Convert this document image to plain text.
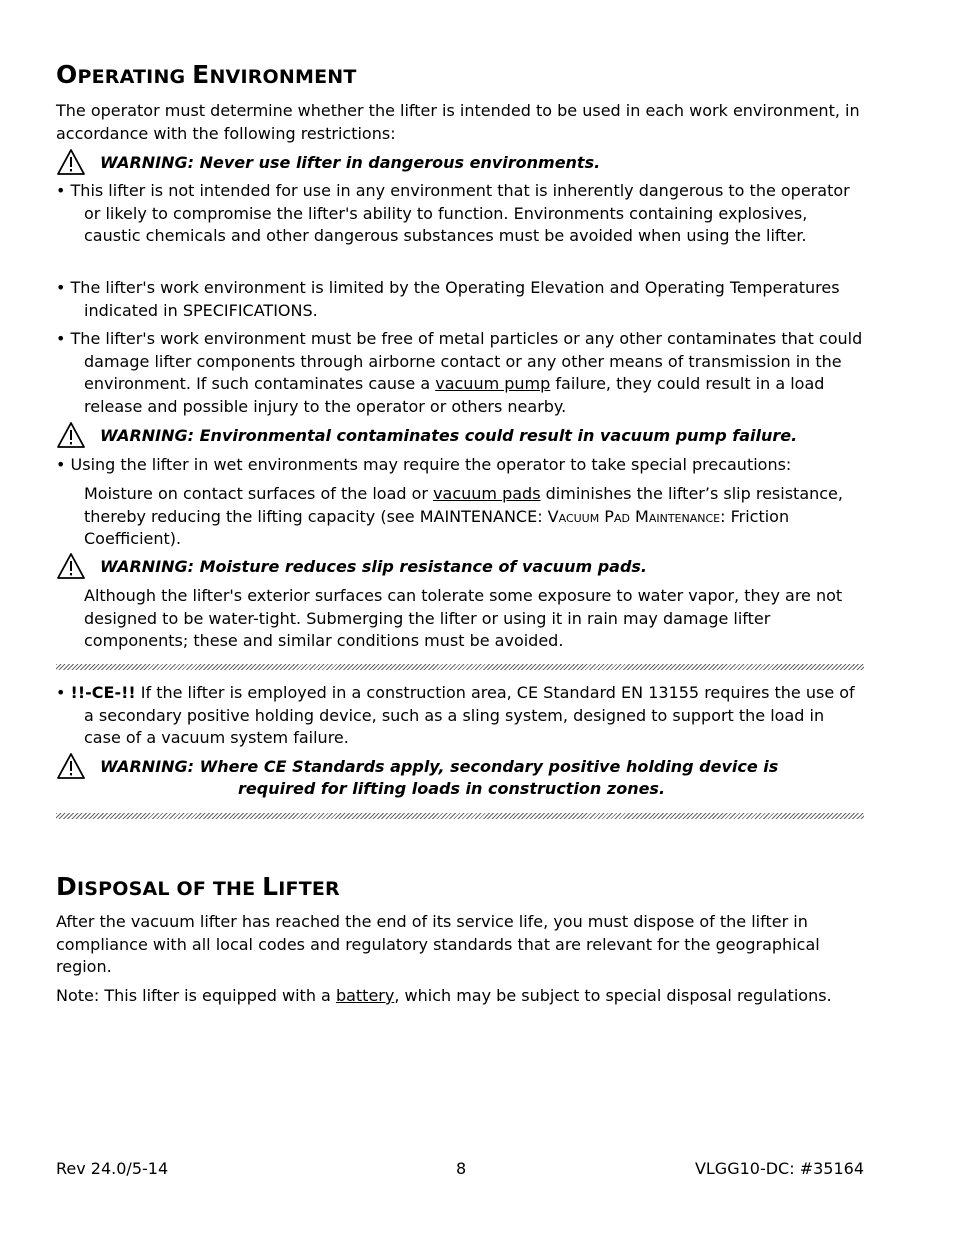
OPERATING ENVIRONMENT
The operator must determine whether the lifter is intended to be used in each work environment, in accordance with the following restrictions:
WARNING: Never use lifter in dangerous environments.
• This lifter is not intended for use in any environment that is inherently dangerous to the operator or likely to compromise the lifter's ability to function. Environments containing explosives, caustic chemicals and other dangerous substances must be avoided when using the lifter.
• The lifter's work environment is limited by the Operating Elevation and Operating Temperatures indicated in SPECIFICATIONS.
• The lifter's work environment must be free of metal particles or any other contaminates that could damage lifter components through airborne contact or any other means of transmission in the environment. If such contaminates cause a vacuum pump failure, they could result in a load release and possible injury to the operator or others nearby.
WARNING: Environmental contaminates could result in vacuum pump failure.
• Using the lifter in wet environments may require the operator to take special precautions:
Moisture on contact surfaces of the load or vacuum pads diminishes the lifter’s slip resistance, thereby reducing the lifting capacity (see MAINTENANCE: Vacuum Pad Maintenance: Friction Coefficient).
WARNING: Moisture reduces slip resistance of vacuum pads.
Although the lifter's exterior surfaces can tolerate some exposure to water vapor, they are not designed to be water-tight. Submerging the lifter or using it in rain may damage lifter components; these and similar conditions must be avoided.
• !!-CE-!! If the lifter is employed in a construction area, CE Standard EN 13155 requires the use of a secondary positive holding device, such as a sling system, designed to support the load in case of a vacuum system failure.
WARNING: Where CE Standards apply, secondary positive holding device is
required for lifting loads in construction zones.
DISPOSAL OF THE LIFTER
After the vacuum lifter has reached the end of its service life, you must dispose of the lifter in compliance with all local codes and regulatory standards that are relevant for the geographical region.
Note: This lifter is equipped with a battery, which may be subject to special disposal regulations.
Rev 24.0/5-14	8	VLGG10-DC: #35164
